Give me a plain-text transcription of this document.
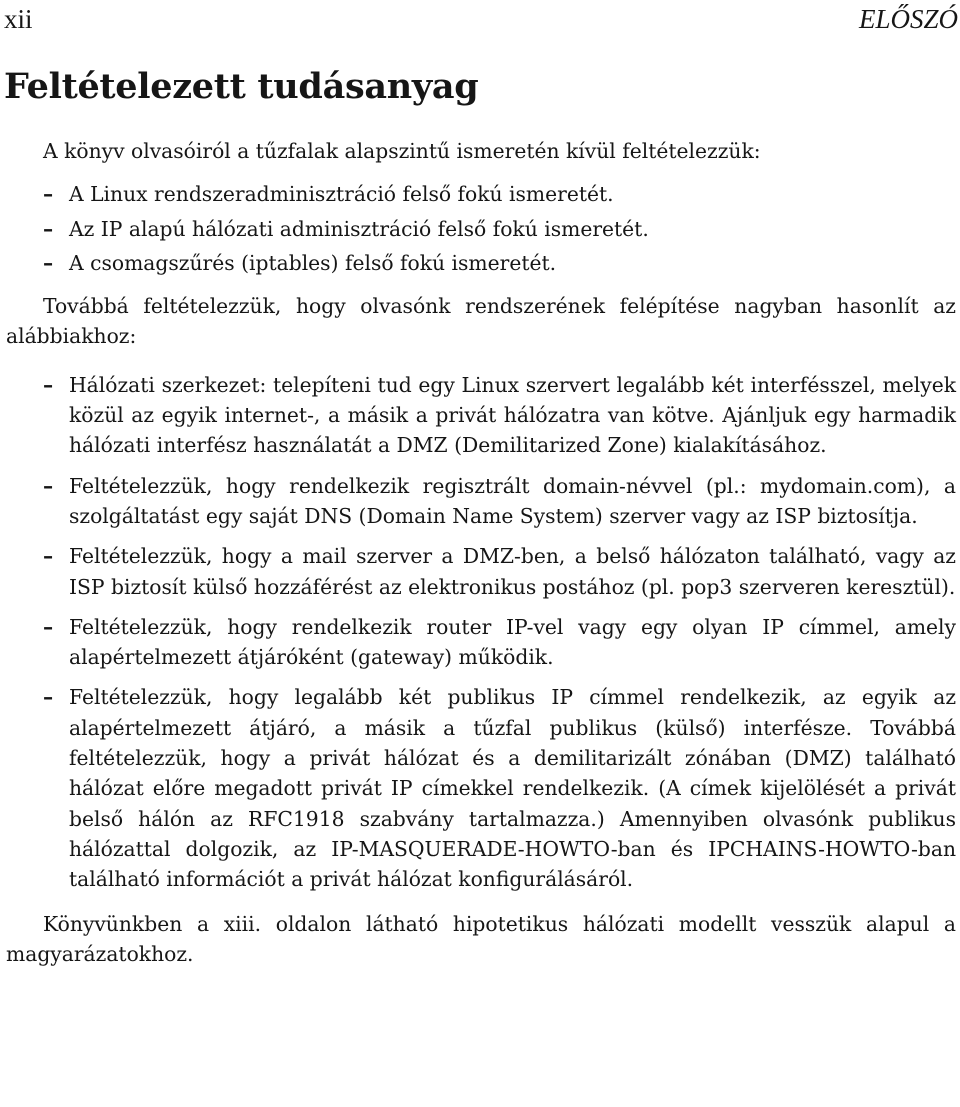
xii	ELŐSZÓ
Feltételezett tudásanyag

A könyv olvasóiról a tűzfalak alapszintű ismeretén kívül feltételezzük:

– A Linux rendszeradminisztráció felső fokú ismeretét.
– Az IP alapú hálózati adminisztráció felső fokú ismeretét.
– A csomagszűrés (iptables) felső fokú ismeretét.

Továbbá feltételezzük, hogy olvasónk rendszerének felépítése nagyban hasonlít az alábbiakhoz:

– Hálózati szerkezet: telepíteni tud egy Linux szervert legalább két interfésszel, melyek közül az egyik internet-, a másik a privát hálózatra van kötve. Ajánljuk egy harmadik hálózati interfész használatát a DMZ (Demilitarized Zone) kialakításához.
– Feltételezzük, hogy rendelkezik regisztrált domain-névvel (pl.: mydomain.com), a szolgáltatást egy saját DNS (Domain Name System) szerver vagy az ISP biztosítja.
– Feltételezzük, hogy a mail szerver a DMZ-ben, a belső hálózaton található, vagy az ISP biztosít külső hozzáférést az elektronikus postához (pl. pop3 szerveren keresztül).
– Feltételezzük, hogy rendelkezik router IP-vel vagy egy olyan IP címmel, amely alapértelmezett átjáróként (gateway) működik.
– Feltételezzük, hogy legalább két publikus IP címmel rendelkezik, az egyik az alapértelmezett átjáró, a másik a tűzfal publikus (külső) interfésze. Továbbá feltételezzük, hogy a privát hálózat és a demilitarizált zónában (DMZ) található hálózat előre megadott privát IP címekkel rendelkezik. (A címek kijelölését a privát belső hálón az RFC1918 szabvány tartalmazza.) Amennyiben olvasónk publikus hálózattal dolgozik, az IP-MASQUERADE-HOWTO-ban és IPCHAINS-HOWTO-ban található információt a privát hálózat konfigurálásáról.

Könyvünkben a xiii. oldalon látható hipotetikus hálózati modellt vesszük alapul a magyarázatokhoz.
